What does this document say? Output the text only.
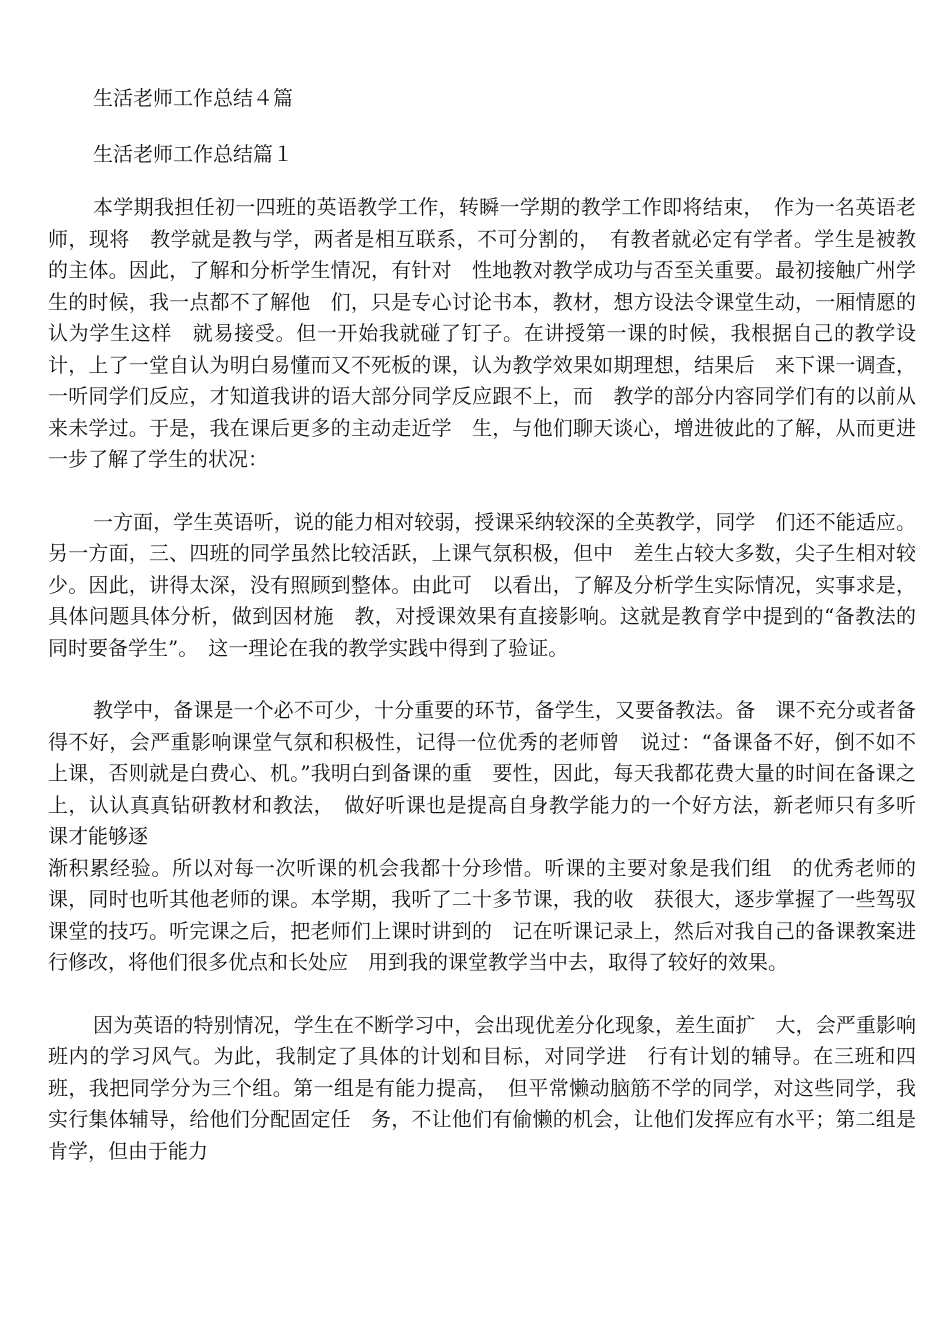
生活老师工作总结４篇

生活老师工作总结篇１

本学期我担任初一四班的英语教学工作，转瞬一学期的教学工作即将结束，　作为一名英语老师，现将　教学就是教与学，两者是相互联系，不可分割的，　有教者就必定有学者。学生是被教的主体。因此，了解和分析学生情况，有针对　性地教对教学成功与否至关重要。最初接触广州学生的时候，我一点都不了解他　们，只是专心讨论书本，教材，想方设法令课堂生动，一厢情愿的认为学生这样　就易接受。但一开始我就碰了钉子。在讲授第一课的时候，我根据自己的教学设　计，上了一堂自认为明白易懂而又不死板的课，认为教学效果如期理想，结果后　来下课一调查，一听同学们反应，才知道我讲的语大部分同学反应跟不上，而　教学的部分内容同学们有的以前从来未学过。于是，我在课后更多的主动走近学　生，与他们聊天谈心，增进彼此的了解，从而更进一步了解了学生的状况：

一方面，学生英语听，说的能力相对较弱，授课采纳较深的全英教学，同学　们还不能适应。另一方面，三、四班的同学虽然比较活跃，上课气氛积极，但中　差生占较大多数，尖子生相对较少。因此，讲得太深，没有照顾到整体。由此可　以看出，了解及分析学生实际情况，实事求是，具体问题具体分析，做到因材施　教，对授课效果有直接影响。这就是教育学中提到的“备教法的同时要备学生”。　这一理论在我的教学实践中得到了验证。

教学中，备课是一个必不可少，十分重要的环节，备学生，又要备教法。备　课不充分或者备得不好，会严重影响课堂气氛和积极性，记得一位优秀的老师曾　说过：“备课备不好，倒不如不上课，否则就是白费心、机。”我明白到备课的重　要性，因此，每天我都花费大量的时间在备课之上，认认真真钻研教材和教法，　做好听课也是提高自身教学能力的一个好方法，新老师只有多听课才能够逐

渐积累经验。所以对每一次听课的机会我都十分珍惜。听课的主要对象是我们组　的优秀老师的课，同时也听其他老师的课。本学期，我听了二十多节课，我的收　获很大，逐步掌握了一些驾驭课堂的技巧。听完课之后，把老师们上课时讲到的　记在听课记录上，然后对我自己的备课教案进行修改，将他们很多优点和长处应　用到我的课堂教学当中去，取得了较好的效果。

因为英语的特别情况，学生在不断学习中，会出现优差分化现象，差生面扩　大，会严重影响班内的学习风气。为此，我制定了具体的计划和目标，对同学进　行有计划的辅导。在三班和四班，我把同学分为三个组。第一组是有能力提高，　但平常懒动脑筋不学的同学，对这些同学，我实行集体辅导，给他们分配固定任　务，不让他们有偷懒的机会，让他们发挥应有水平；第二组是肯学，但由于能力
